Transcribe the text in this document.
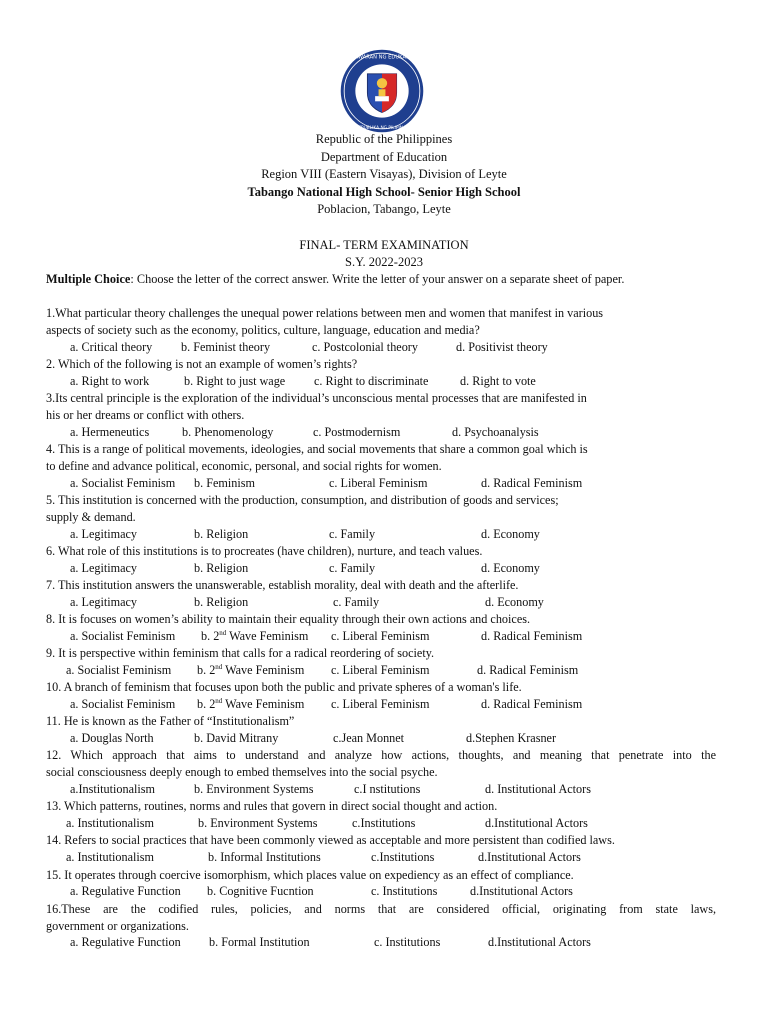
KAGAWARAN NG EDUKASYON
REPUBLIKA NG PILIPINAS
Republic of the Philippines
Department of Education
Region VIII (Eastern Visayas), Division of Leyte
Tabango National High School- Senior High School
Poblacion, Tabango, Leyte
FINAL- TERM EXAMINATION
S.Y. 2022-2023
Multiple Choice: Choose the letter of the correct answer. Write the letter of your answer on a separate sheet of paper.
1.What particular theory challenges the unequal power relations between men and women that manifest in various
aspects of society such as the economy, politics, culture, language, education and media?
a. Critical theory b. Feminist theory	c. Postcolonial theory	d. Positivist theory
2. Which of the following is not an example of women’s rights?
a. Right to work	b. Right to just wage c. Right to discriminate	d. Right to vote
3.Its central principle is the exploration of the individual’s unconscious mental processes that are manifested in
his or her dreams or conflict with others.
a. Hermeneutics	b. Phenomenology	c. Postmodernism	d. Psychoanalysis
4. This is a range of political movements, ideologies, and social movements that share a common goal which is
to define and advance political, economic, personal, and social rights for women.
a. Socialist Feminism b. Feminism	c. Liberal Feminism	d. Radical Feminism
5. This institution is concerned with the production, consumption, and distribution of goods and services;
supply & demand.
a. Legitimacy	b. Religion	c. Family	d. Economy
6. What role of this institutions is to procreates (have children), nurture, and teach values.
a. Legitimacy	b. Religion	c. Family	d. Economy
7. This institution answers the unanswerable, establish morality, deal with death and the afterlife.
a. Legitimacy	b. Religion	c. Family	d. Economy
8. It is focuses on women’s ability to maintain their equality through their own actions and choices.
a. Socialist Feminism b. 2nd Wave Feminism c. Liberal Feminism	d. Radical Feminism
9. It is perspective within feminism that calls for a radical reordering of society.
a. Socialist Feminism b. 2nd Wave Feminism c. Liberal Feminism	d. Radical Feminism
10. A branch of feminism that focuses upon both the public and private spheres of a woman's life.
a. Socialist Feminism b. 2nd Wave Feminism c. Liberal Feminism	d. Radical Feminism
11. He is known as the Father of “Institutionalism”
a. Douglas North	b. David Mitrany	c.Jean Monnet	d.Stephen Krasner
12. Which approach that aims to understand and analyze how actions, thoughts, and meaning that penetrate into the
social consciousness deeply enough to embed themselves into the social psyche.
a.Institutionalism	b. Environment Systems	c.I nstitutions	d. Institutional Actors
13. Which patterns, routines, norms and rules that govern in direct social thought and action.
a. Institutionalism	b. Environment Systems	c.Institutions	d.Institutional Actors
14. Refers to social practices that have been commonly viewed as acceptable and more persistent than codified laws.
a. Institutionalism	b. Informal Institutions	c.Institutions	d.Institutional Actors
15. It operates through coercive isomorphism, which places value on expediency as an effect of compliance.
a. Regulative Function b. Cognitive Fucntion	c. Institutions	d.Institutional Actors
16.These are the codified rules, policies, and norms that are considered official, originating from state laws,
government or organizations.
a. Regulative Function b. Formal Institution	c. Institutions	d.Institutional Actors
